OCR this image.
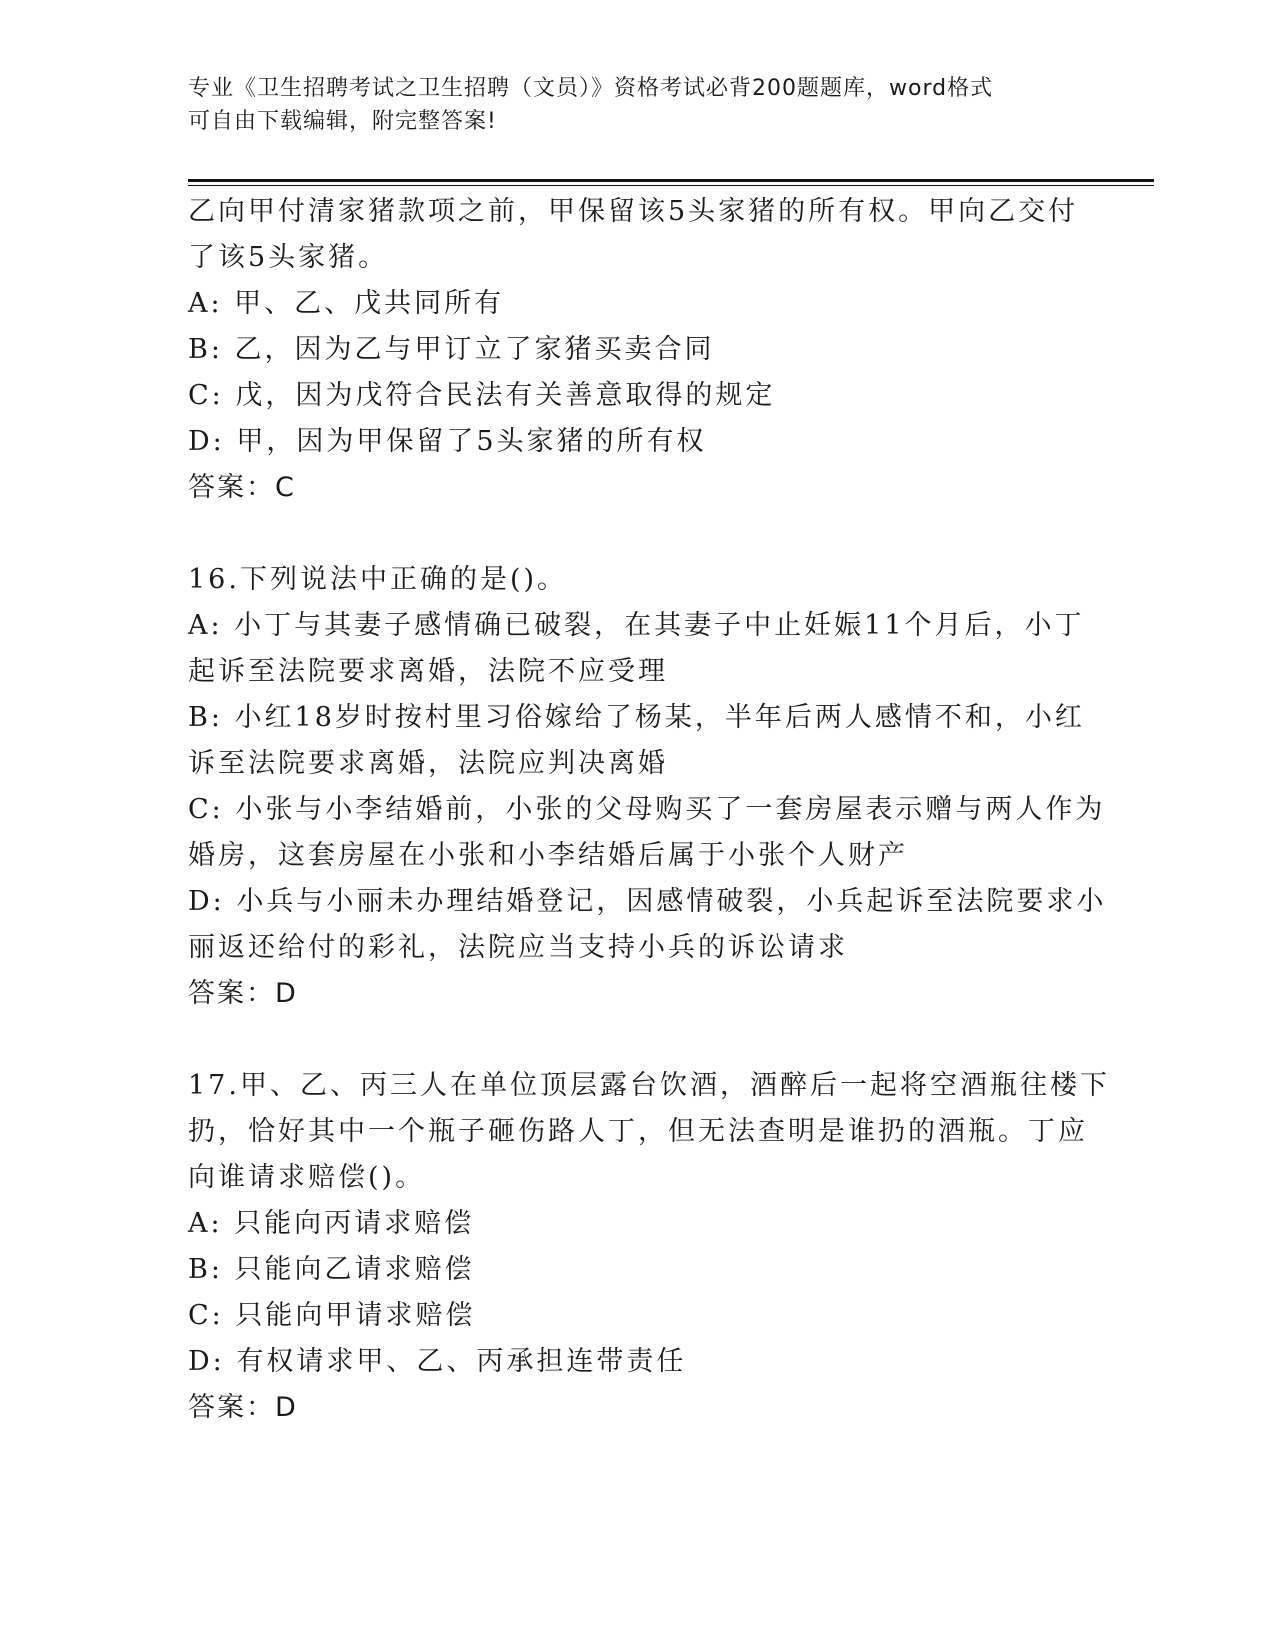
专业《卫生招聘考试之卫生招聘（文员）》资格考试必背200题题库，word格式
可自由下载编辑，附完整答案!
乙向甲付清家猪款项之前，甲保留该5头家猪的所有权。甲向乙交付
了该5头家猪。
A: 甲、乙、戊共同所有
B: 乙，因为乙与甲订立了家猪买卖合同
C: 戊，因为戊符合民法有关善意取得的规定
D: 甲，因为甲保留了5头家猪的所有权
答案：C
16.下列说法中正确的是()。
A: 小丁与其妻子感情确已破裂，在其妻子中止妊娠11个月后，小丁
起诉至法院要求离婚，法院不应受理
B: 小红18岁时按村里习俗嫁给了杨某，半年后两人感情不和，小红
诉至法院要求离婚，法院应判决离婚
C: 小张与小李结婚前，小张的父母购买了一套房屋表示赠与两人作为
婚房，这套房屋在小张和小李结婚后属于小张个人财产
D: 小兵与小丽未办理结婚登记，因感情破裂，小兵起诉至法院要求小
丽返还给付的彩礼，法院应当支持小兵的诉讼请求
答案：D
17.甲、乙、丙三人在单位顶层露台饮酒，酒醉后一起将空酒瓶往楼下
扔，恰好其中一个瓶子砸伤路人丁，但无法查明是谁扔的酒瓶。丁应
向谁请求赔偿()。
A: 只能向丙请求赔偿
B: 只能向乙请求赔偿
C: 只能向甲请求赔偿
D: 有权请求甲、乙、丙承担连带责任
答案：D
